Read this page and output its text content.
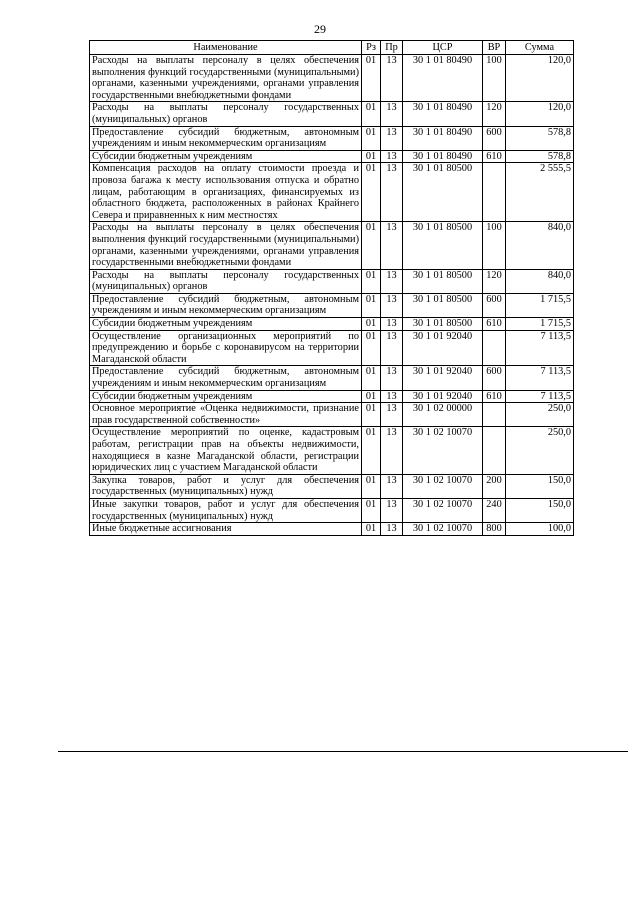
29
Наименование	Рз	Пр	ЦСР	ВР	Сумма
Расходы на выплаты персоналу в целях обеспечения выполнения функций государственными (муниципальными) органами, казенными учреждениями, органами управления государственными внебюджетными фондами	01	13	30 1 01 80490	100	120,0
Расходы на выплаты персоналу государственных (муниципальных) органов	01	13	30 1 01 80490	120	120,0
Предоставление субсидий бюджетным, автономным учреждениям и иным некоммерческим организациям	01	13	30 1 01 80490	600	578,8
Субсидии бюджетным учреждениям	01	13	30 1 01 80490	610	578,8
Компенсация расходов на оплату стоимости проезда и провоза багажа к месту использования отпуска и обратно лицам, работающим в организациях, финансируемых из областного бюджета, расположенных в районах Крайнего Севера и приравненных к ним местностях	01	13	30 1 01 80500		2 555,5
Расходы на выплаты персоналу в целях обеспечения выполнения функций государственными (муниципальными) органами, казенными учреждениями, органами управления государственными внебюджетными фондами	01	13	30 1 01 80500	100	840,0
Расходы на выплаты персоналу государственных (муниципальных) органов	01	13	30 1 01 80500	120	840,0
Предоставление субсидий бюджетным, автономным учреждениям и иным некоммерческим организациям	01	13	30 1 01 80500	600	1 715,5
Субсидии бюджетным учреждениям	01	13	30 1 01 80500	610	1 715,5
Осуществление организационных мероприятий по предупреждению и борьбе с коронавирусом на территории Магаданской области	01	13	30 1 01 92040		7 113,5
Предоставление субсидий бюджетным, автономным учреждениям и иным некоммерческим организациям	01	13	30 1 01 92040	600	7 113,5
Субсидии бюджетным учреждениям	01	13	30 1 01 92040	610	7 113,5
Основное мероприятие «Оценка недвижимости, признание прав государственной собственности»	01	13	30 1 02 00000		250,0
Осуществление мероприятий по оценке, кадастровым работам, регистрации прав на объекты недвижимости, находящиеся в казне Магаданской области, регистрации юридических лиц с участием Магаданской области	01	13	30 1 02 10070		250,0
Закупка товаров, работ и услуг для обеспечения государственных (муниципальных) нужд	01	13	30 1 02 10070	200	150,0
Иные закупки товаров, работ и услуг для обеспечения государственных (муниципальных) нужд	01	13	30 1 02 10070	240	150,0
Иные бюджетные ассигнования	01	13	30 1 02 10070	800	100,0
